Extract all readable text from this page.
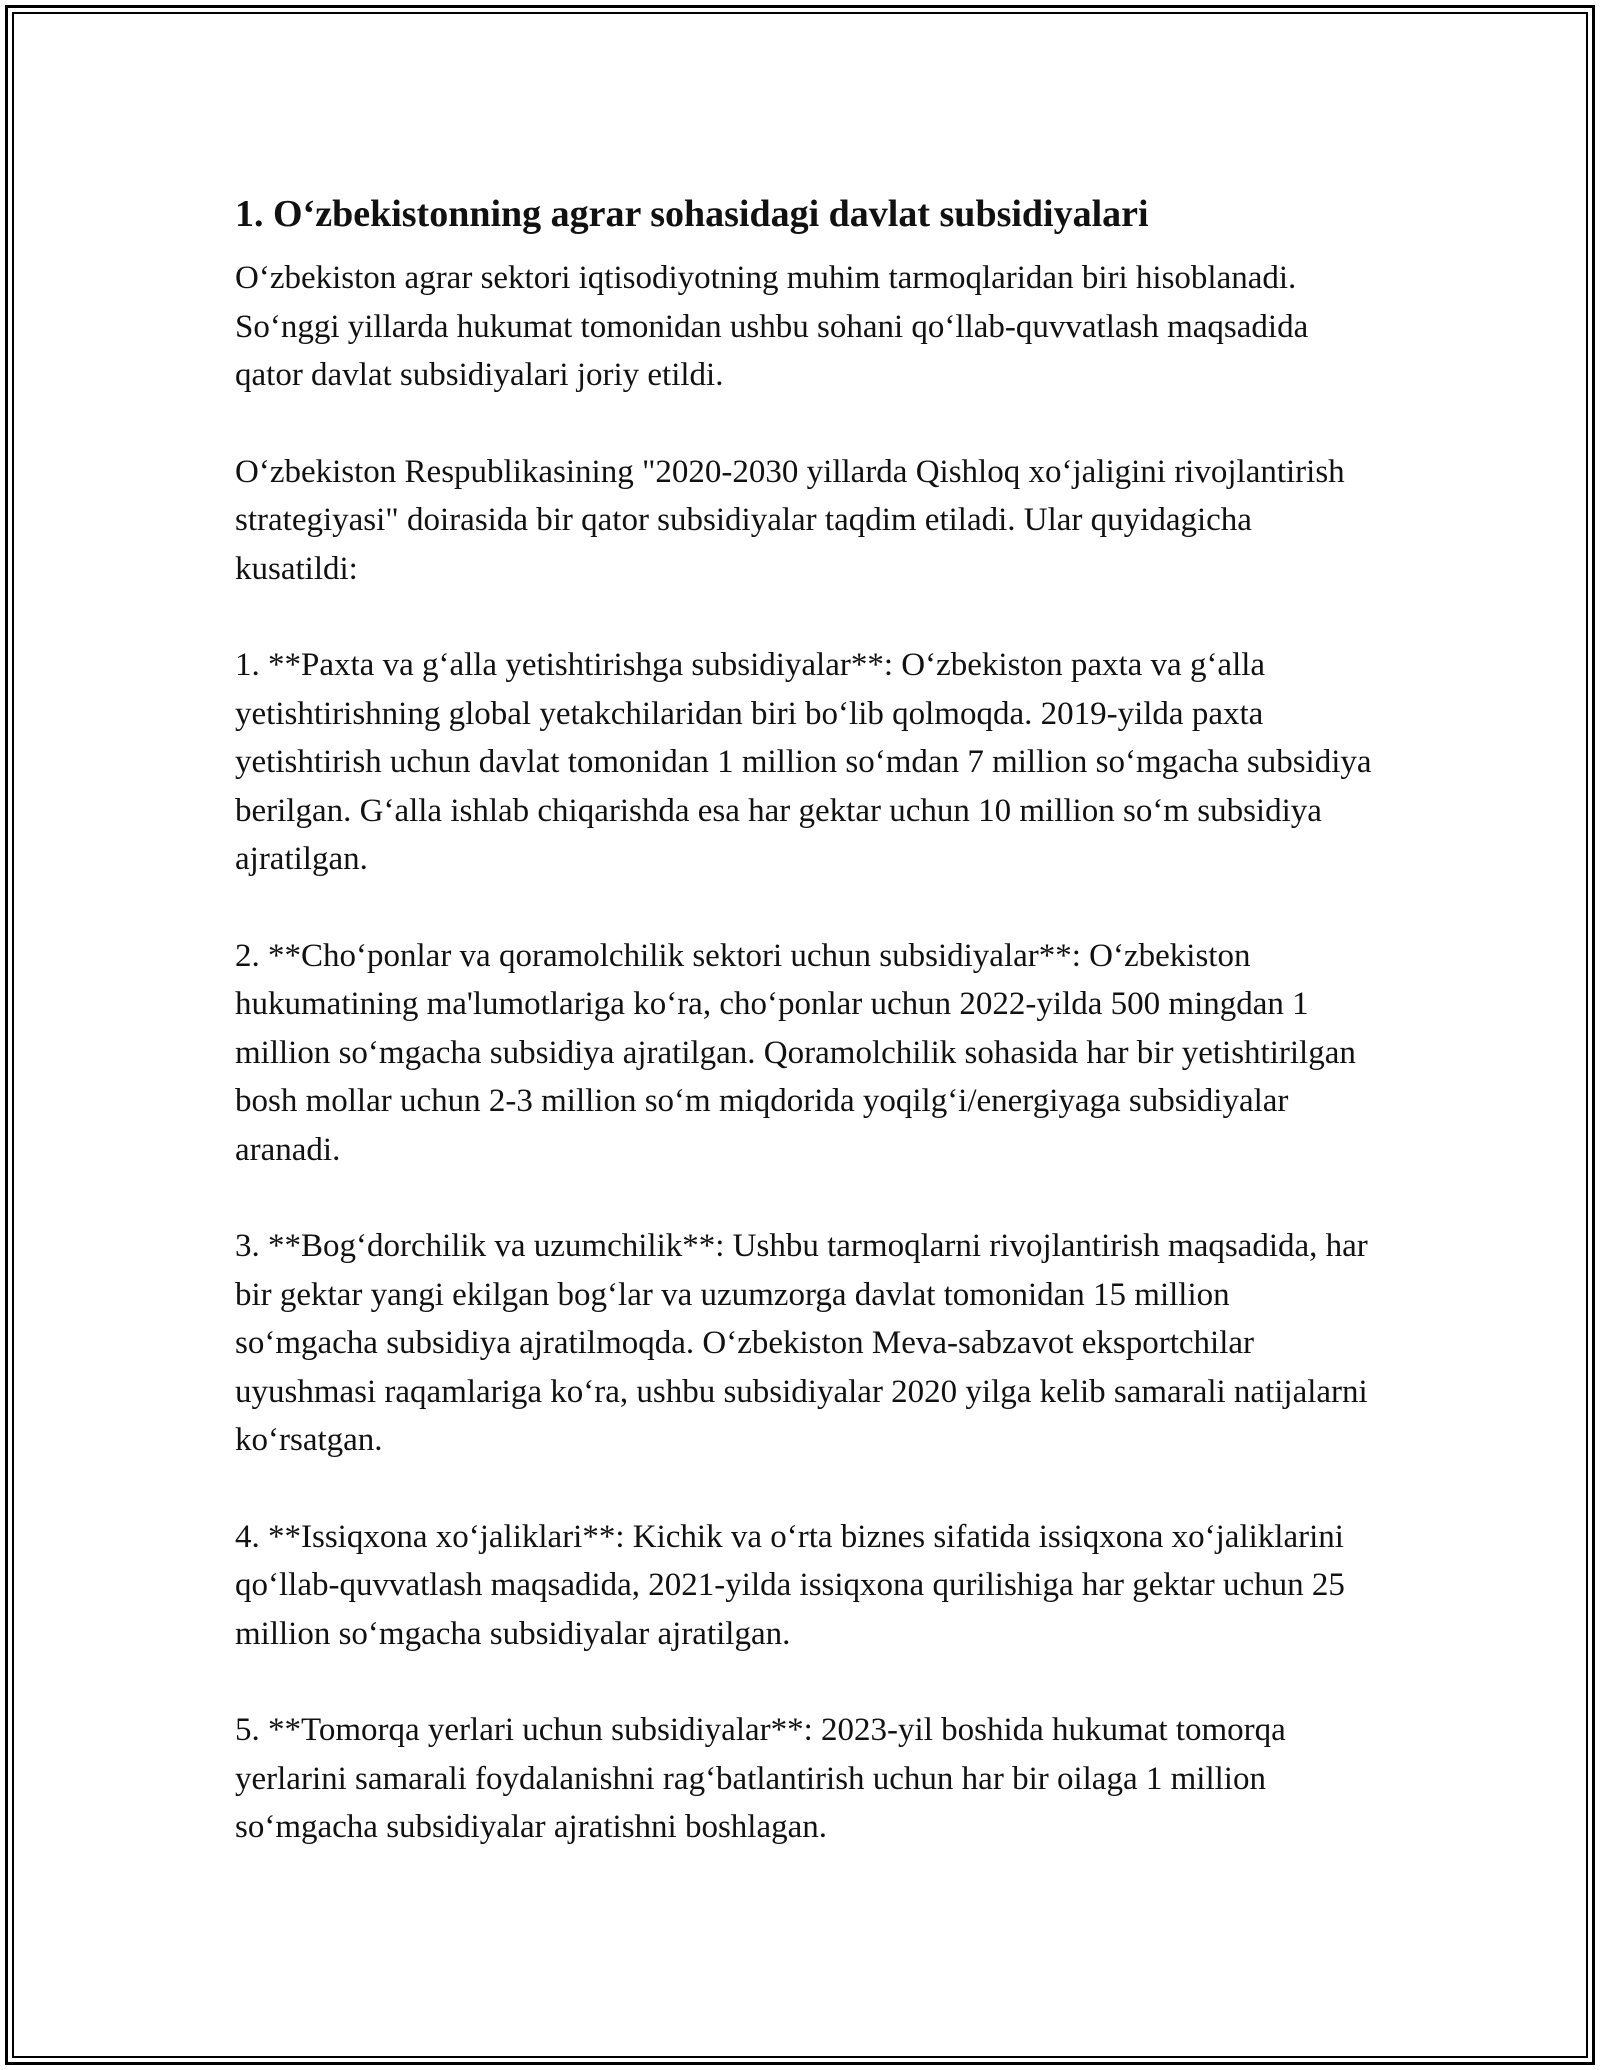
1. O‘zbekistonning agrar sohasidagi davlat subsidiyalari

O‘zbekiston agrar sektori iqtisodiyotning muhim tarmoqlaridan biri hisoblanadi. So‘nggi yillarda hukumat tomonidan ushbu sohani qo‘llab-quvvatlash maqsadida qator davlat subsidiyalari joriy etildi.

O‘zbekiston Respublikasining "2020-2030 yillarda Qishloq xo‘jaligini rivojlantirish strategiyasi" doirasida bir qator subsidiyalar taqdim etiladi. Ular quyidagicha kusatildi:

1. **Paxta va g‘alla yetishtirishga subsidiyalar**: O‘zbekiston paxta va g‘alla yetishtirishning global yetakchilaridan biri bo‘lib qolmoqda. 2019-yilda paxta yetishtirish uchun davlat tomonidan 1 million so‘mdan 7 million so‘mgacha subsidiya berilgan. G‘alla ishlab chiqarishda esa har gektar uchun 10 million so‘m subsidiya ajratilgan.

2. **Cho‘ponlar va qoramolchilik sektori uchun subsidiyalar**: O‘zbekiston hukumatining ma'lumotlariga ko‘ra, cho‘ponlar uchun 2022-yilda 500 mingdan 1 million so‘mgacha subsidiya ajratilgan. Qoramolchilik sohasida har bir yetishtirilgan bosh mollar uchun 2-3 million so‘m miqdorida yoqilg‘i/energiyaga subsidiyalar aranadi.

3. **Bog‘dorchilik va uzumchilik**: Ushbu tarmoqlarni rivojlantirish maqsadida, har bir gektar yangi ekilgan bog‘lar va uzumzorga davlat tomonidan 15 million so‘mgacha subsidiya ajratilmoqda. O‘zbekiston Meva-sabzavot eksportchilar uyushmasi raqamlariga ko‘ra, ushbu subsidiyalar 2020 yilga kelib samarali natijalarni ko‘rsatgan.

4. **Issiqxona xo‘jaliklari**: Kichik va o‘rta biznes sifatida issiqxona xo‘jaliklarini qo‘llab-quvvatlash maqsadida, 2021-yilda issiqxona qurilishiga har gektar uchun 25 million so‘mgacha subsidiyalar ajratilgan.

5. **Tomorqa yerlari uchun subsidiyalar**: 2023-yil boshida hukumat tomorqa yerlarini samarali foydalanishni rag‘batlantirish uchun har bir oilaga 1 million so‘mgacha subsidiyalar ajratishni boshlagan.
